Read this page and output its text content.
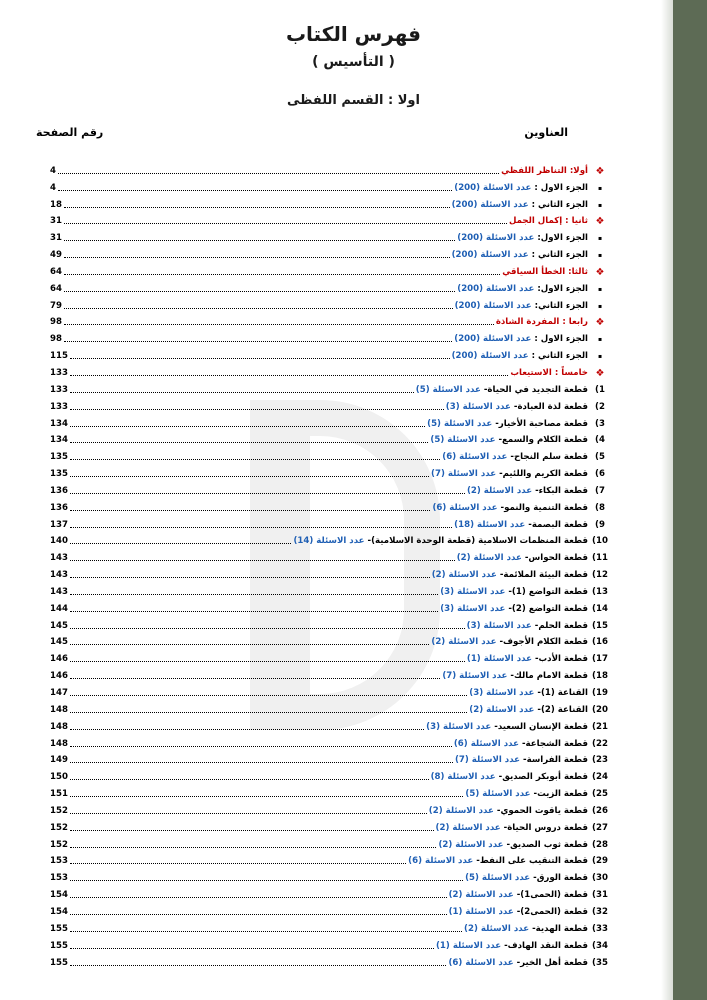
فهرس الكتاب
( التأسيس )
اولا : القسم اللفظى
العناوين
رقم الصفحة
❖
أولا: التناظر اللفظي
4
▪
الجزء الاول : عدد الاسئلة (200)
4
▪
الجزء الثاني : عدد الاسئلة (200)
18
❖
ثانيا : إكمال الجمل
31
▪
الجزء الاول: عدد الاسئلة (200)
31
▪
الجزء الثاني : عدد الاسئلة (200)
49
❖
ثالثا: الخطأ السياقي
64
▪
الجزء الاول: عدد الاسئلة (200)
64
▪
الجزء الثاني: عدد الاسئلة (200)
79
❖
رابعا : المفردة الشاذة
98
▪
الجزء الاول : عدد الاسئلة (200)
98
▪
الجزء الثاني : عدد الاسئلة (200)
115
❖
خامساً : الاستيعاب
133
1)
قطعة التجديد في الحياة- عدد الاسئلة (5)
133
2)
قطعة لذة العبادة- عدد الاسئلة (3)
133
3)
قطعة مصاحبة الأخيار- عدد الاسئلة (5)
134
4)
قطعة الكلام والسمع- عدد الاسئلة (5)
134
5)
قطعة سلم النجاح- عدد الاسئلة (6)
135
6)
قطعة الكريم واللئيم- عدد الاسئلة (7)
135
7)
قطعة البكاء- عدد الاسئلة (2)
136
8)
قطعة التنمية والنمو- عدد الاسئلة (6)
136
9)
قطعة البصمة- عدد الاسئلة (18)
137
10)
قطعة المنظمات الاسلامية (قطعة الوحدة الاسلامية)- عدد الاسئلة (14)
140
11)
قطعة الحواس- عدد الاسئلة (2)
143
12)
قطعة البيئة الملائمة- عدد الاسئلة (2)
143
13)
قطعة التواضع (1)- عدد الاسئلة (3)
143
14)
قطعة التواضع (2)- عدد الاسئلة (3)
144
15)
قطعة الحلم- عدد الاسئلة (3)
145
16)
قطعة الكلام الأجوف- عدد الاسئلة (2)
145
17)
قطعة الأدب- عدد الاسئلة (1)
146
18)
قطعة الامام مالك- عدد الاسئلة (7)
146
19)
القناعة (1)- عدد الاسئلة (3)
147
20)
القناعة (2)- عدد الاسئلة (2)
148
21)
قطعة الإنسان السعيد- عدد الاسئلة (3)
148
22)
قطعة الشجاعة- عدد الاسئلة (6)
148
23)
قطعة الفراسة- عدد الاسئلة (7)
149
24)
قطعة أبوبكر الصديق- عدد الاسئلة (8)
150
25)
قطعة الزيت- عدد الاسئلة (5)
151
26)
قطعة ياقوت الحموي- عدد الاسئلة (2)
152
27)
قطعة دروس الحياة- عدد الاسئلة (2)
152
28)
قطعة ثوب الصديق- عدد الاسئلة (2)
152
29)
قطعة التنقيب على النفط- عدد الاسئلة (6)
153
30)
قطعة الورق- عدد الاسئلة (5)
153
31)
قطعة (الحمى1)- عدد الاسئلة (2)
154
32)
قطعة (الحمى2)- عدد الاسئلة (1)
154
33)
قطعة الهدية- عدد الاسئلة (2)
155
34)
قطعة النقد الهادف- عدد الاسئلة (1)
155
35)
قطعة أهل الخير- عدد الاسئلة (6)
155
